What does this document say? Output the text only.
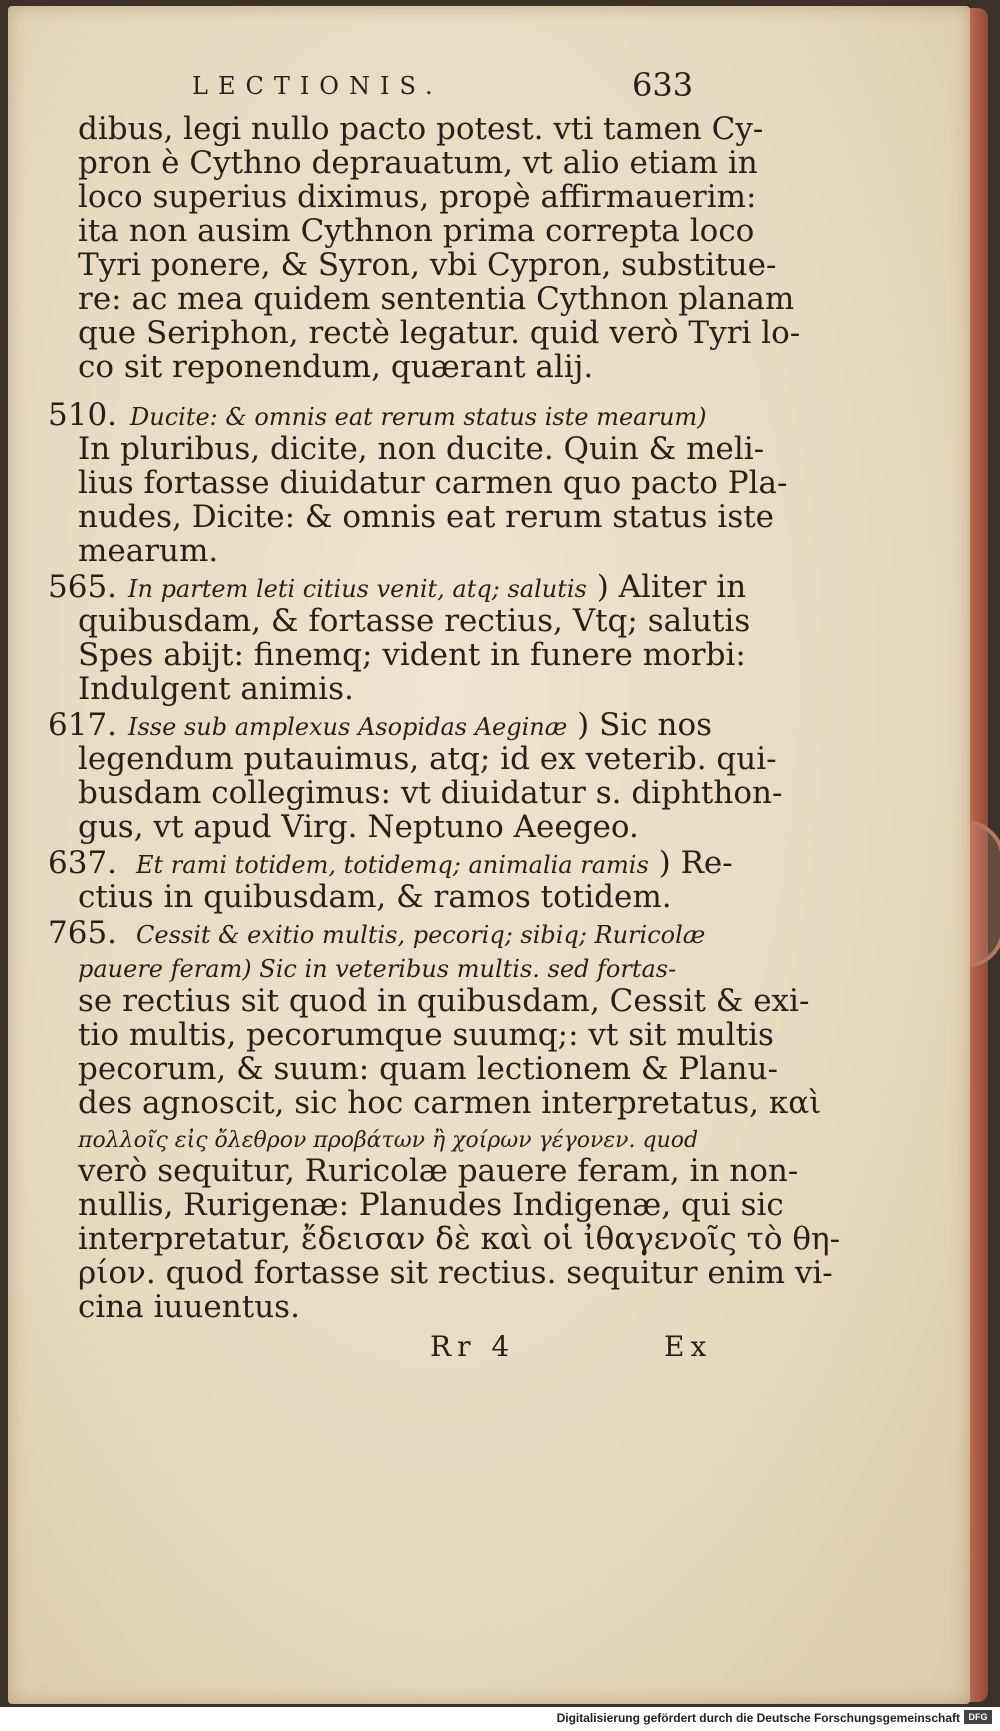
LECTIONIS.	633
dibus, legi nullo pacto potest. vti tamen Cy-
pron è Cythno deprauatum, vt alio etiam in
loco superius diximus, propè affirmauerim:
ita non ausim Cythnon prima correpta loco
Tyri ponere, & Syron, vbi Cypron, substitue-
re: ac mea quidem sententia Cythnon planam
que Seriphon, rectè legatur. quid verò Tyri lo-
co sit reponendum, quærant alij.
510. Ducite: & omnis eat rerum status iste mearum)
In pluribus, dicite, non ducite. Quin & meli-
lius fortasse diuidatur carmen quo pacto Pla-
nudes, Dicite: & omnis eat rerum status iste
mearum.
565. In partem leti citius venit, atq; salutis ) Aliter in
quibusdam, & fortasse rectius, Vtq; salutis
Spes abijt: finemq; vident in funere morbi:
Indulgent animis.
617. Isse sub amplexus Asopidas Aeginæ ) Sic nos
legendum putauimus, atq; id ex veterib. qui-
busdam collegimus: vt diuidatur s. diphthon-
gus, vt apud Virg. Neptuno Aeegeo.
637. Et rami totidem, totidemq; animalia ramis ) Re-
ctius in quibusdam, & ramos totidem.
765. Cessit & exitio multis, pecoriq; sibiq; Ruricolæ
pauere feram) Sic in veteribus multis. sed fortas-
se rectius sit quod in quibusdam, Cessit & exi-
tio multis, pecorumque suumq;: vt sit multis
pecorum, & suum: quam lectionem & Planu-
des agnoscit, sic hoc carmen interpretatus, καὶ
πολλοῖς εἰς ὄλεθρον προβάτων ἢ χοίρων γέγονεν. quod
verò sequitur, Ruricolæ pauere feram, in non-
nullis, Rurigenæ: Planudes Indigenæ, qui sic
interpretatur, ἔδεισαν δὲ καὶ οἱ ἰθαγενοῖς τὸ θη-
ρίον. quod fortasse sit rectius. sequitur enim vi-
cina iuuentus.
Rr 4	Ex
Digitalisierung gefördert durch die Deutsche Forschungsgemeinschaft DFG
